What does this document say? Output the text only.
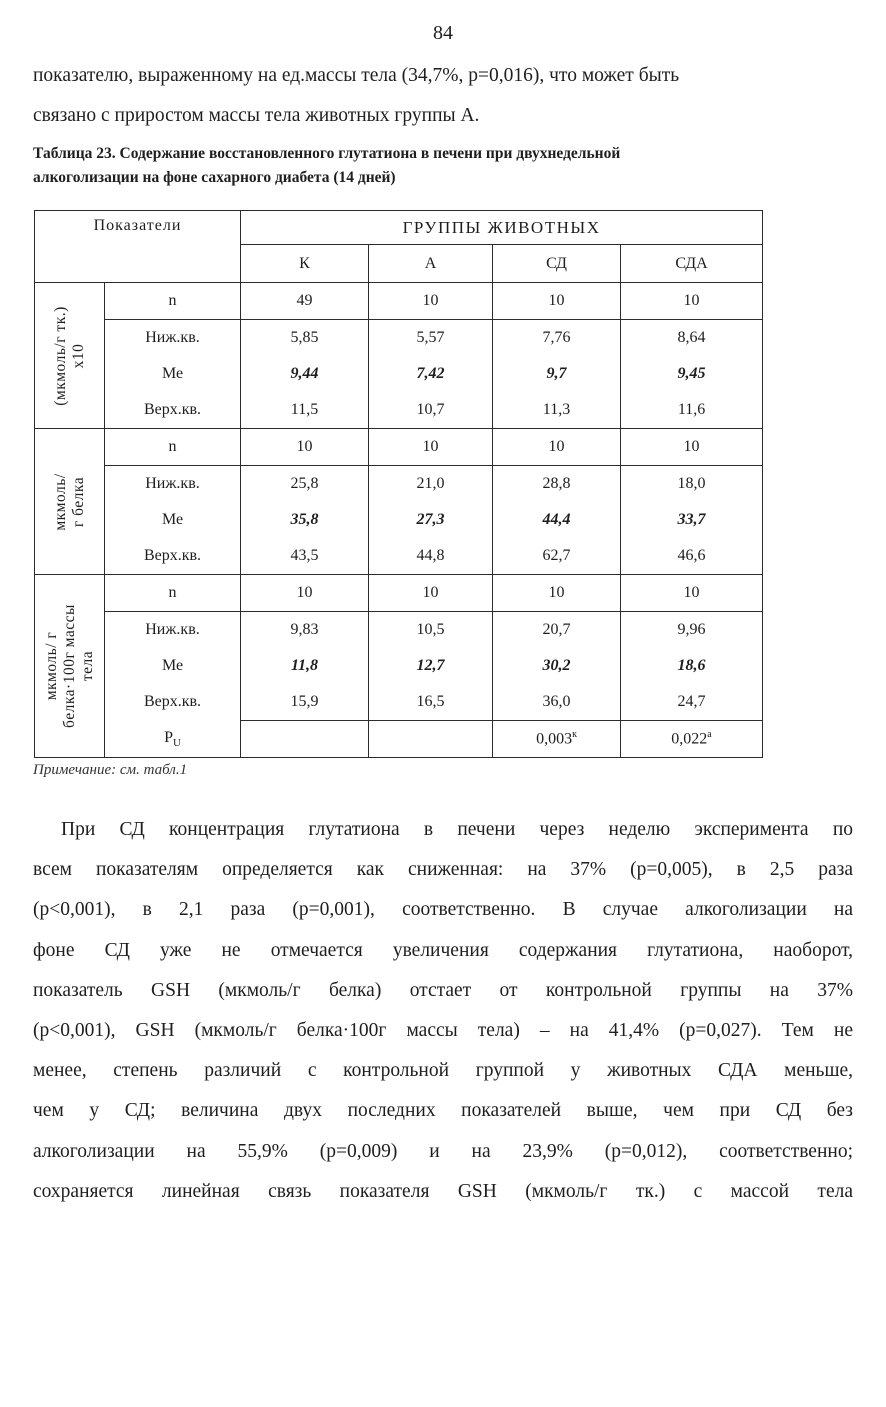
84
показателю, выраженному на ед.массы тела (34,7%, p=0,016), что может быть
связано с приростом массы тела животных группы А.
Таблица 23. Содержание восстановленного глутатиона в печени при двухнедельной
алкоголизации на фоне сахарного диабета (14 дней)
Показатели		ГРУППЫ ЖИВОТНЫХ			
		К	А	СД	СДА

(мкмоль/г тк.) x10	n	49	10	10	10
	Ниж.кв.	5,85	5,57	7,76	8,64
	Ме	9,44	7,42	9,7	9,45
	Верх.кв.	11,5	10,7	11,3	11,6

мкмоль/ г белка	n	10	10	10	10
	Ниж.кв.	25,8	21,0	28,8	18,0
	Ме	35,8	27,3	44,4	33,7
	Верх.кв.	43,5	44,8	62,7	46,6

мкмоль/ г белка·100г массы тела	n	10	10	10	10
	Ниж.кв.	9,83	10,5	20,7	9,96
	Ме	11,8	12,7	30,2	18,6
	Верх.кв.	15,9	16,5	36,0	24,7
	$P_U$			$0,003^к$	$0,022^а$
Примечание: см. табл.1
При СД концентрация глутатиона в печени через неделю эксперимента по
всем показателям определяется как сниженная: на 37% (p=0,005), в 2,5 раза
(p<0,001), в 2,1 раза (p=0,001), соответственно. В случае алкоголизации на
фоне СД уже не отмечается увеличения содержания глутатиона, наоборот,
показатель GSH (мкмоль/г белка) отстает от контрольной группы на 37%
(p<0,001), GSH (мкмоль/г белка·100г массы тела) – на 41,4% (p=0,027). Тем не
менее, степень различий с контрольной группой у животных СДА меньше,
чем у СД; величина двух последних показателей выше, чем при СД без
алкоголизации на 55,9% (p=0,009) и на 23,9% (p=0,012), соответственно;
сохраняется линейная связь показателя GSH (мкмоль/г тк.) с массой тела
